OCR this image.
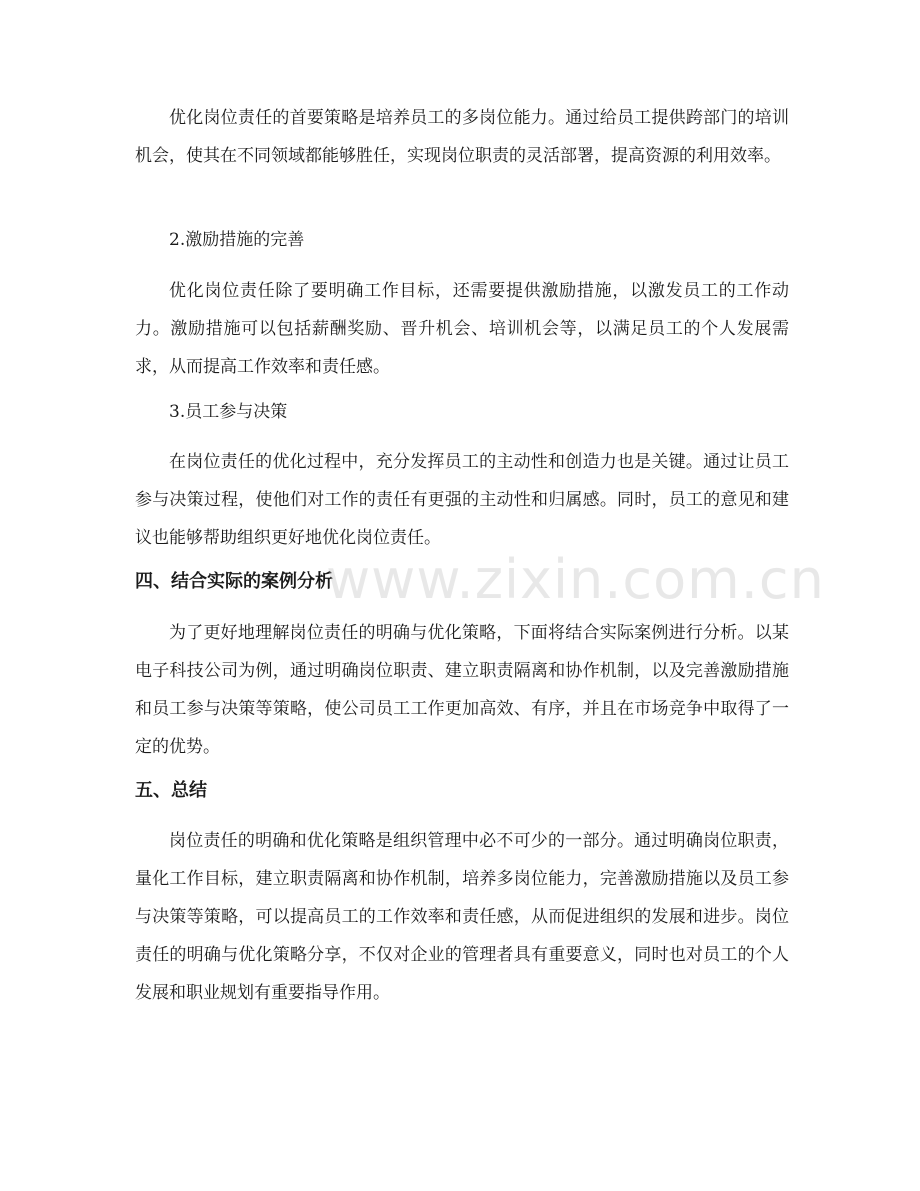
优化岗位责任的首要策略是培养员工的多岗位能力。通过给员工提供跨部门的培训机会，使其在不同领域都能够胜任，实现岗位职责的灵活部署，提高资源的利用效率。

2.激励措施的完善

优化岗位责任除了要明确工作目标，还需要提供激励措施，以激发员工的工作动力。激励措施可以包括薪酬奖励、晋升机会、培训机会等，以满足员工的个人发展需求，从而提高工作效率和责任感。

3.员工参与决策

在岗位责任的优化过程中，充分发挥员工的主动性和创造力也是关键。通过让员工参与决策过程，使他们对工作的责任有更强的主动性和归属感。同时，员工的意见和建议也能够帮助组织更好地优化岗位责任。

四、结合实际的案例分析

为了更好地理解岗位责任的明确与优化策略，下面将结合实际案例进行分析。以某电子科技公司为例，通过明确岗位职责、建立职责隔离和协作机制，以及完善激励措施和员工参与决策等策略，使公司员工工作更加高效、有序，并且在市场竞争中取得了一定的优势。

五、总结

岗位责任的明确和优化策略是组织管理中必不可少的一部分。通过明确岗位职责，量化工作目标，建立职责隔离和协作机制，培养多岗位能力，完善激励措施以及员工参与决策等策略，可以提高员工的工作效率和责任感，从而促进组织的发展和进步。岗位责任的明确与优化策略分享，不仅对企业的管理者具有重要意义，同时也对员工的个人发展和职业规划有重要指导作用。

www.zixin.com.cn
